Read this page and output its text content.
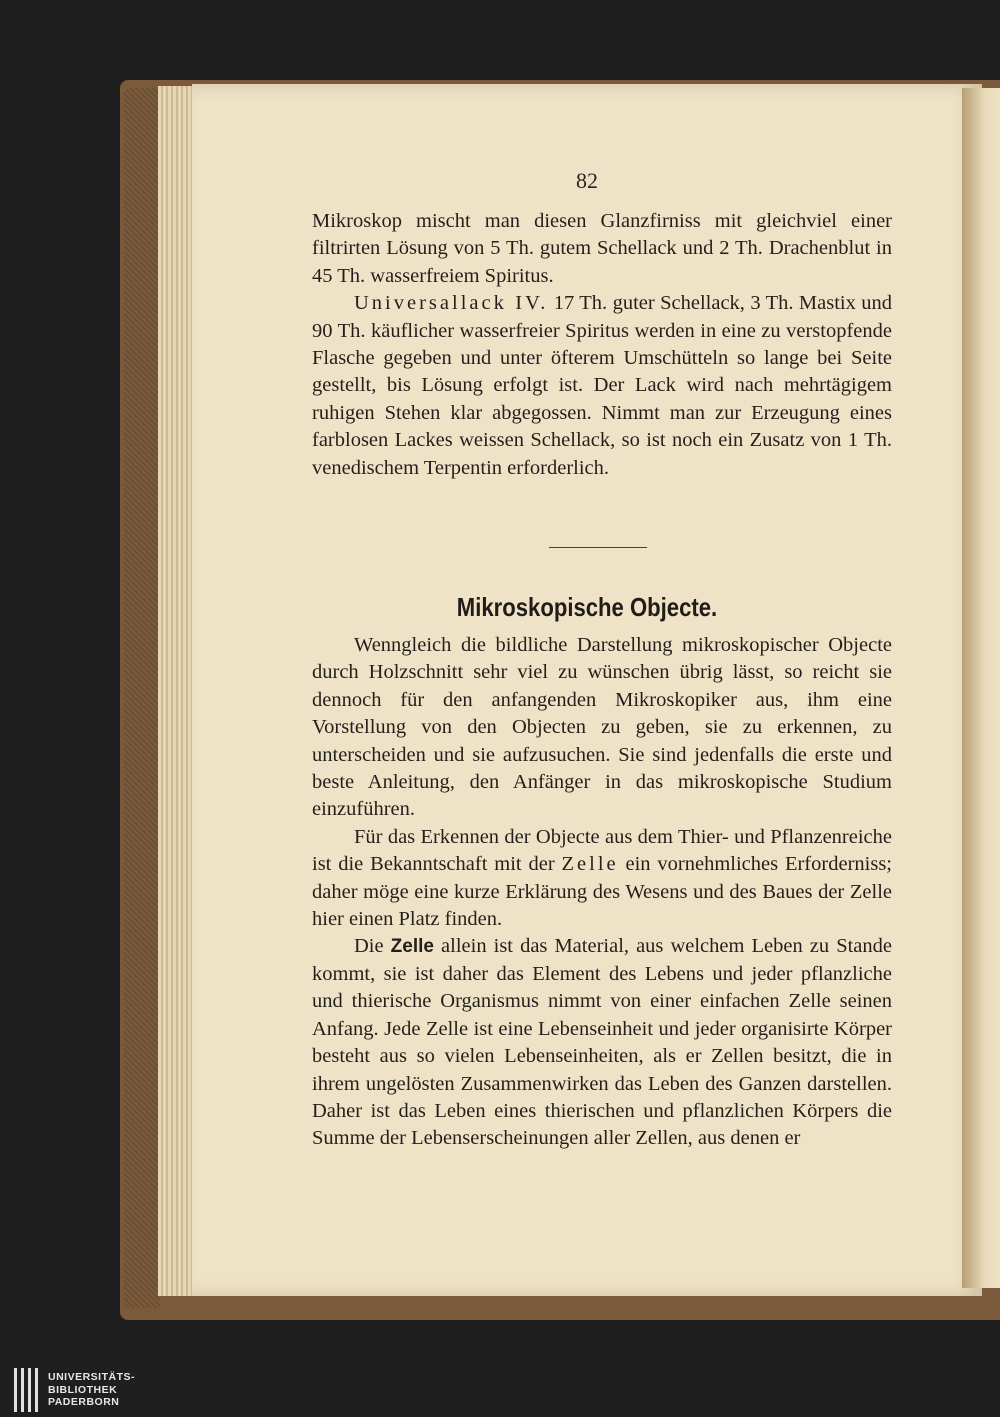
82

Mikroskop mischt man diesen Glanzfirniss mit gleichviel einer filtrirten Lösung von 5 Th. gutem Schellack und 2 Th. Drachenblut in 45 Th. wasserfreiem Spiritus.

Universallack IV. 17 Th. guter Schellack, 3 Th. Mastix und 90 Th. käuflicher wasserfreier Spiritus werden in eine zu verstopfende Flasche gegeben und unter öfterem Umschütteln so lange bei Seite gestellt, bis Lösung erfolgt ist. Der Lack wird nach mehrtägigem ruhigen Stehen klar abgegossen. Nimmt man zur Erzeugung eines farblosen Lackes weissen Schellack, so ist noch ein Zusatz von 1 Th. venedischem Terpentin erforderlich.

Mikroskopische Objecte.

Wenngleich die bildliche Darstellung mikroskopischer Objecte durch Holzschnitt sehr viel zu wünschen übrig lässt, so reicht sie dennoch für den anfangenden Mikroskopiker aus, ihm eine Vorstellung von den Objecten zu geben, sie zu erkennen, zu unterscheiden und sie aufzusuchen. Sie sind jedenfalls die erste und beste Anleitung, den Anfänger in das mikroskopische Studium einzuführen.

Für das Erkennen der Objecte aus dem Thier- und Pflanzenreiche ist die Bekanntschaft mit der Zelle ein vornehmliches Erforderniss; daher möge eine kurze Erklärung des Wesens und des Baues der Zelle hier einen Platz finden.

Die Zelle allein ist das Material, aus welchem Leben zu Stande kommt, sie ist daher das Element des Lebens und jeder pflanzliche und thierische Organismus nimmt von einer einfachen Zelle seinen Anfang. Jede Zelle ist eine Lebenseinheit und jeder organisirte Körper besteht aus so vielen Lebenseinheiten, als er Zellen besitzt, die in ihrem ungelösten Zusammenwirken das Leben des Ganzen darstellen. Daher ist das Leben eines thierischen und pflanzlichen Körpers die Summe der Lebenserscheinungen aller Zellen, aus denen er

UNIVERSITÄTS-
BIBLIOTHEK
PADERBORN
